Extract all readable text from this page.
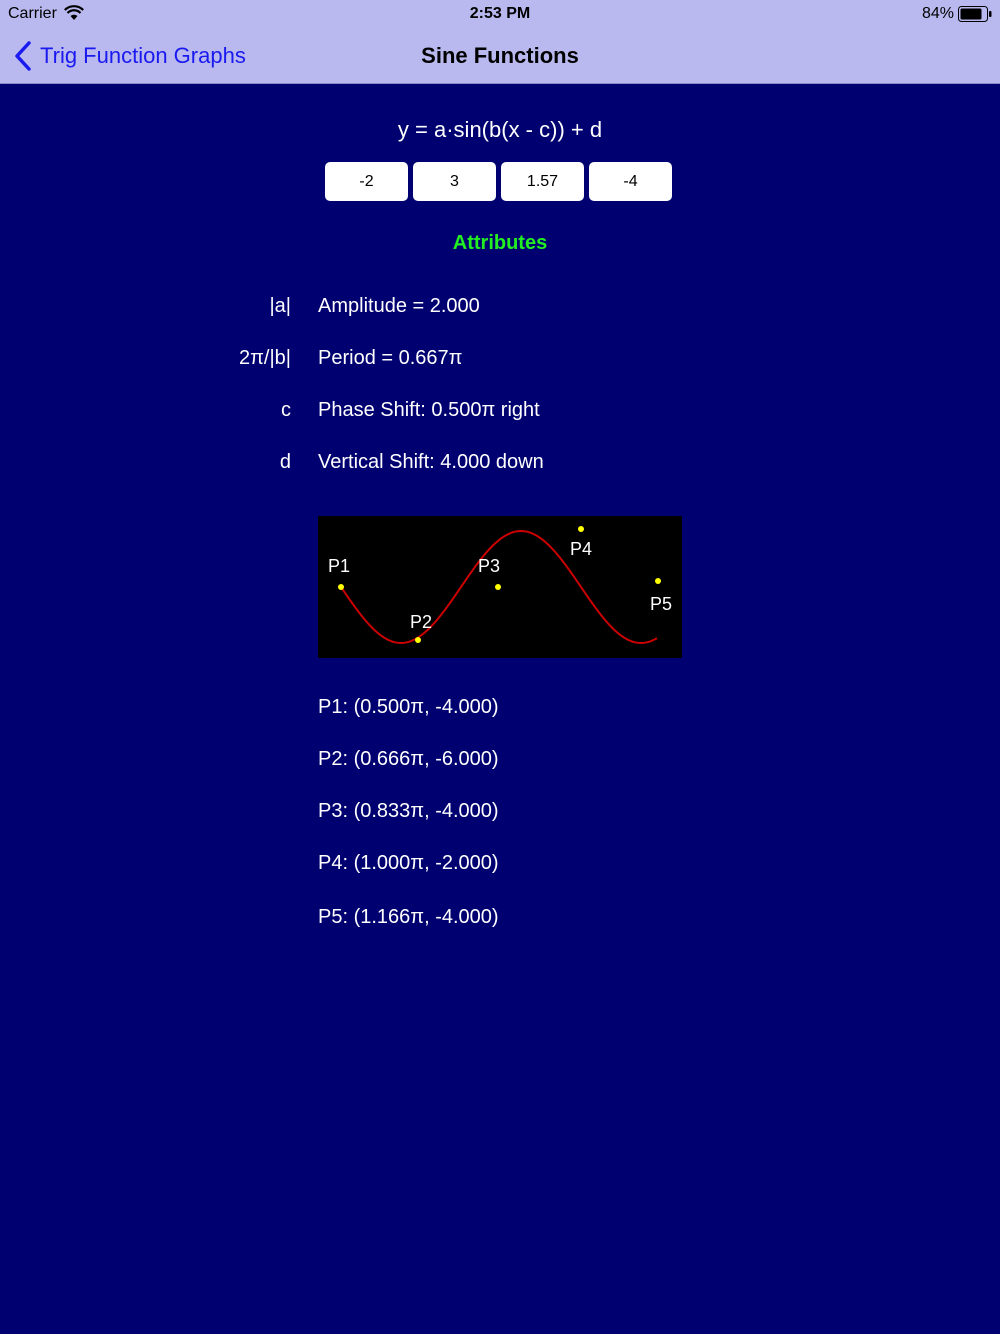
Carrier	2:53 PM	84%
Trig Function Graphs	Sine Functions
y = a·sin(b(x - c)) + d
-2	3	1.57	-4
Attributes
|a| Amplitude = 2.000
2π/|b| Period = 0.667π
c Phase Shift: 0.500π right
d Vertical Shift: 4.000 down
P1
P2
P3
P4
P5
P1: (0.500π, -4.000)
P2: (0.666π, -6.000)
P3: (0.833π, -4.000)
P4: (1.000π, -2.000)
P5: (1.166π, -4.000)
